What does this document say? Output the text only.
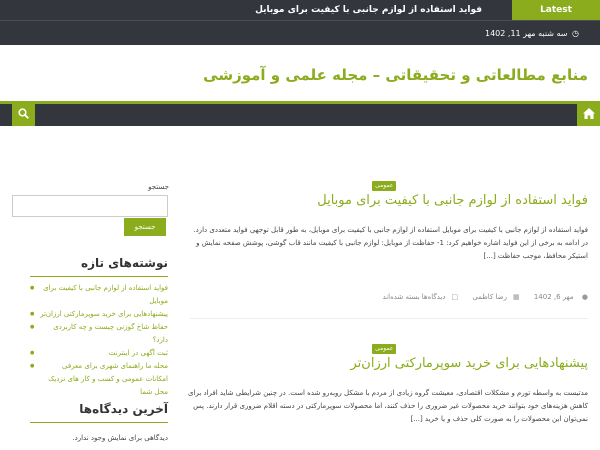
فواید استفاده از لوازم جانبی با کیفیت برای موبایل	Latest
◷ سه شنبه مهر 11, 1402
منابع مطالعاتی و تحقیقاتی – مجله علمی و آموزشی
جستجو
جستجو
نوشته‌های تازه
● فواید استفاده از لوازم جانبی با کیفیت برای موبایل
● پیشنهادهایی برای خرید سوپرمارکتی ارزان‌تر
● حفاظ شاخ گوزنی چیست و چه کاربردی دارد؟
● ثبت آگهی در اینترنت
● محله ما راهنمای شهری برای معرفی امکانات عمومی و کسب و کار های نزدیک محل شما
آخرین دیدگاه‌ها
دیدگاهی برای نمایش وجود ندارد.
عمومی
فواید استفاده از لوازم جانبی با کیفیت برای موبایل
فواید استفاده از لوازم جانبی با کیفیت برای موبایل استفاده از لوازم جانبی با کیفیت برای موبایل، به طور قابل توجهی فواید متعددی دارد. در ادامه به برخی از این فواید اشاره خواهیم کرد: 1- حفاظت از موبایل: لوازم جانبی با کیفیت مانند قاب گوشی، پوشش صفحه نمایش و استیکر محافظ، موجب حفاظت [...]
● مهر 6, 1402 ▦رضا کاظمی □دیدگاه‌ها بسته شده‌اند
عمومی
پیشنهادهایی برای خرید سوپرمارکتی ارزان‌تر
مدتیست به واسطه تورم و مشکلات اقتصادی، معیشت گروه زیادی از مردم با مشکل روبه‌رو شده است. در چنین شرایطی شاید افراد برای کاهش هزینه‌های خود بتوانند خرید محصولات غیر ضروری را حذف کنند، اما محصولات سوپرمارکتی در دسته اقلام ضروری قرار دارند. پس نمی‌توان این محصولات را به صورت کلی حذف و یا خرید [...]
